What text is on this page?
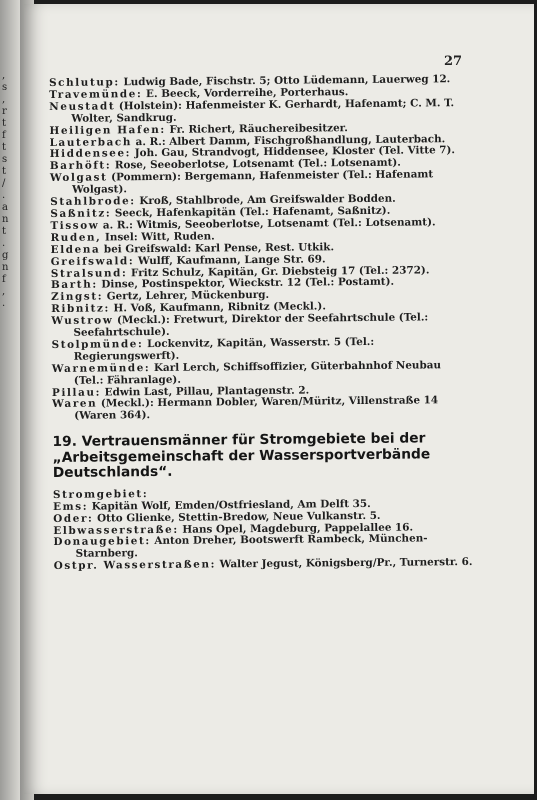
,
s
,
r
t
f
t
s
t
/
.
a
n
t
.
g
n
f
,
.
27
Schlutup: Ludwig Bade, Fischstr. 5; Otto Lüdemann, Lauerweg 12.
Travemünde: E. Beeck, Vorderreihe, Porterhaus.
Neustadt (Holstein): Hafenmeister K. Gerhardt, Hafenamt; C. M. T. Wolter, Sandkrug.
Heiligen Hafen: Fr. Richert, Räuchereibesitzer.
Lauterbach a. R.: Albert Damm, Fischgroßhandlung, Lauterbach.
Hiddensee: Joh. Gau, Strandvogt, Hiddensee, Kloster (Tel. Vitte 7).
Barhöft: Rose, Seeoberlotse, Lotsenamt (Tel.: Lotsenamt).
Wolgast (Pommern): Bergemann, Hafenmeister (Tel.: Hafenamt Wolgast).
Stahlbrode: Kroß, Stahlbrode, Am Greifswalder Bodden.
Saßnitz: Seeck, Hafenkapitän (Tel.: Hafenamt, Saßnitz).
Tissow a. R.: Witmis, Seeoberlotse, Lotsenamt (Tel.: Lotsenamt).
Ruden, Insel: Witt, Ruden.
Eldena bei Greifswald: Karl Pense, Rest. Utkik.
Greifswald: Wulff, Kaufmann, Lange Str. 69.
Stralsund: Fritz Schulz, Kapitän, Gr. Diebsteig 17 (Tel.: 2372).
Barth: Dinse, Postinspektor, Wieckstr. 12 (Tel.: Postamt).
Zingst: Gertz, Lehrer, Mückenburg.
Ribnitz: H. Voß, Kaufmann, Ribnitz (Meckl.).
Wustrow (Meckl.): Fretwurt, Direktor der Seefahrtschule (Tel.: Seefahrtschule).
Stolpmünde: Lockenvitz, Kapitän, Wasserstr. 5 (Tel.: Regierungswerft).
Warnemünde: Karl Lerch, Schiffsoffizier, Güterbahnhof Neubau (Tel.: Fähranlage).
Pillau: Edwin Last, Pillau, Plantagenstr. 2.
Waren (Meckl.): Hermann Dobler, Waren/Müritz, Villenstraße 14 (Waren 364).
19. Vertrauensmänner für Stromgebiete bei der „Arbeitsgemeinschaft der Wassersportverbände Deutschlands“.
Stromgebiet:
Ems: Kapitän Wolf, Emden/Ostfriesland, Am Delft 35.
Oder: Otto Glienke, Stettin-Bredow, Neue Vulkanstr. 5.
Elbwasserstraße: Hans Opel, Magdeburg, Pappelallee 16.
Donaugebiet: Anton Dreher, Bootswerft Rambeck, München-Starnberg.
Ostpr. Wasserstraßen: Walter Jegust, Königsberg/Pr., Turnerstr. 6.
